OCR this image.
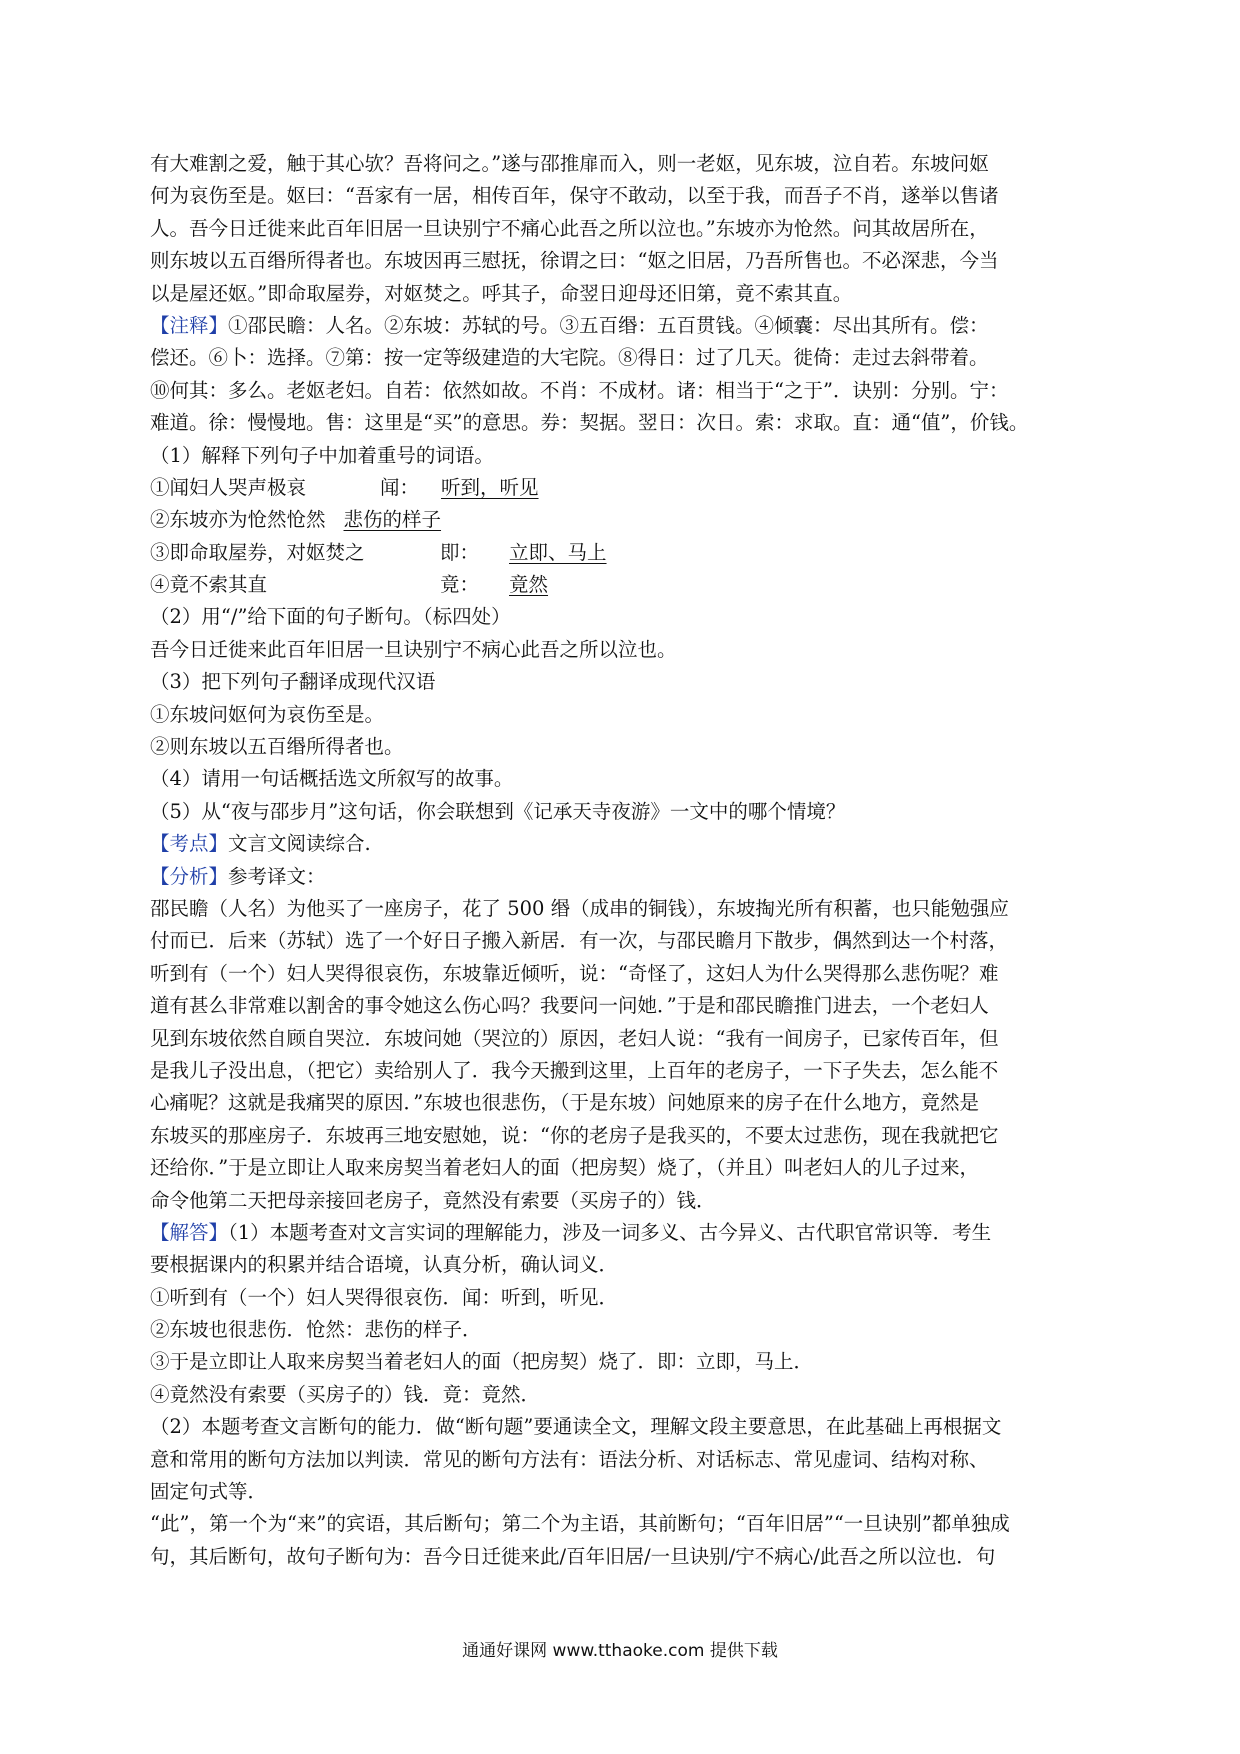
有大难割之爱，触于其心欤？吾将问之。”遂与邵推扉而入，则一老妪，见东坡，泣自若。东坡问妪
何为哀伤至是。妪曰：“吾家有一居，相传百年，保守不敢动，以至于我，而吾子不肖，遂举以售诸
人。吾今日迁徙来此百年旧居一旦诀别宁不痛心此吾之所以泣也。”东坡亦为怆然。问其故居所在，
则东坡以五百缗所得者也。东坡因再三慰抚，徐谓之曰：“妪之旧居，乃吾所售也。不必深悲，今当
以是屋还妪。”即命取屋券，对妪焚之。呼其子，命翌日迎母还旧第，竟不索其直。
【注释】①邵民瞻：人名。②东坡：苏轼的号。③五百缗：五百贯钱。④倾囊：尽出其所有。偿：
偿还。⑥卜：选择。⑦第：按一定等级建造的大宅院。⑧得日：过了几天。徙倚：走过去斜带着。
⑩何其：多么。老妪老妇。自若：依然如故。不肖：不成材。诸：相当于“之于”．诀别：分别。宁：
难道。徐：慢慢地。售：这里是“买”的意思。券：契据。翌日：次日。索：求取。直：通“值”，价钱。
（1）解释下列句子中加着重号的词语。
①闻妇人哭声极哀	闻： 听到，听见
②东坡亦为怆然怆然 悲伤的样子
③即命取屋券，对妪焚之	即： 立即、马上
④竟不索其直	竟： 竟然
（2）用“/”给下面的句子断句。（标四处）
吾今日迁徙来此百年旧居一旦诀别宁不病心此吾之所以泣也。
（3）把下列句子翻译成现代汉语
①东坡问妪何为哀伤至是。
②则东坡以五百缗所得者也。
（4）请用一句话概括选文所叙写的故事。
（5）从“夜与邵步月”这句话，你会联想到《记承天寺夜游》一文中的哪个情境？
【考点】文言文阅读综合.
【分析】参考译文：
邵民瞻（人名）为他买了一座房子，花了 500 缗（成串的铜钱），东坡掏光所有积蓄，也只能勉强应
付而已．后来（苏轼）选了一个好日子搬入新居．有一次，与邵民瞻月下散步，偶然到达一个村落，
听到有（一个）妇人哭得很哀伤，东坡靠近倾听，说：“奇怪了，这妇人为什么哭得那么悲伤呢？难
道有甚么非常难以割舍的事令她这么伤心吗？我要问一问她．”于是和邵民瞻推门进去，一个老妇人
见到东坡依然自顾自哭泣．东坡问她（哭泣的）原因，老妇人说：“我有一间房子，已家传百年，但
是我儿子没出息，（把它）卖给别人了．我今天搬到这里，上百年的老房子，一下子失去，怎么能不
心痛呢？这就是我痛哭的原因．”东坡也很悲伤，（于是东坡）问她原来的房子在什么地方，竟然是
东坡买的那座房子．东坡再三地安慰她，说：“你的老房子是我买的，不要太过悲伤，现在我就把它
还给你．”于是立即让人取来房契当着老妇人的面（把房契）烧了，（并且）叫老妇人的儿子过来，
命令他第二天把母亲接回老房子，竟然没有索要（买房子的）钱．
【解答】（1）本题考查对文言实词的理解能力，涉及一词多义、古今异义、古代职官常识等．考生
要根据课内的积累并结合语境，认真分析，确认词义．
①听到有（一个）妇人哭得很哀伤．闻：听到，听见．
②东坡也很悲伤．怆然：悲伤的样子．
③于是立即让人取来房契当着老妇人的面（把房契）烧了．即：立即，马上．
④竟然没有索要（买房子的）钱．竟：竟然．
（2）本题考查文言断句的能力．做“断句题”要通读全文，理解文段主要意思，在此基础上再根据文
意和常用的断句方法加以判读．常见的断句方法有：语法分析、对话标志、常见虚词、结构对称、
固定句式等．
“此”，第一个为“来”的宾语，其后断句；第二个为主语，其前断句；“百年旧居”“一旦诀别”都单独成
句，其后断句，故句子断句为：吾今日迁徙来此/百年旧居/一旦诀别/宁不病心/此吾之所以泣也．句
通通好课网 www.tthaoke.com 提供下载
